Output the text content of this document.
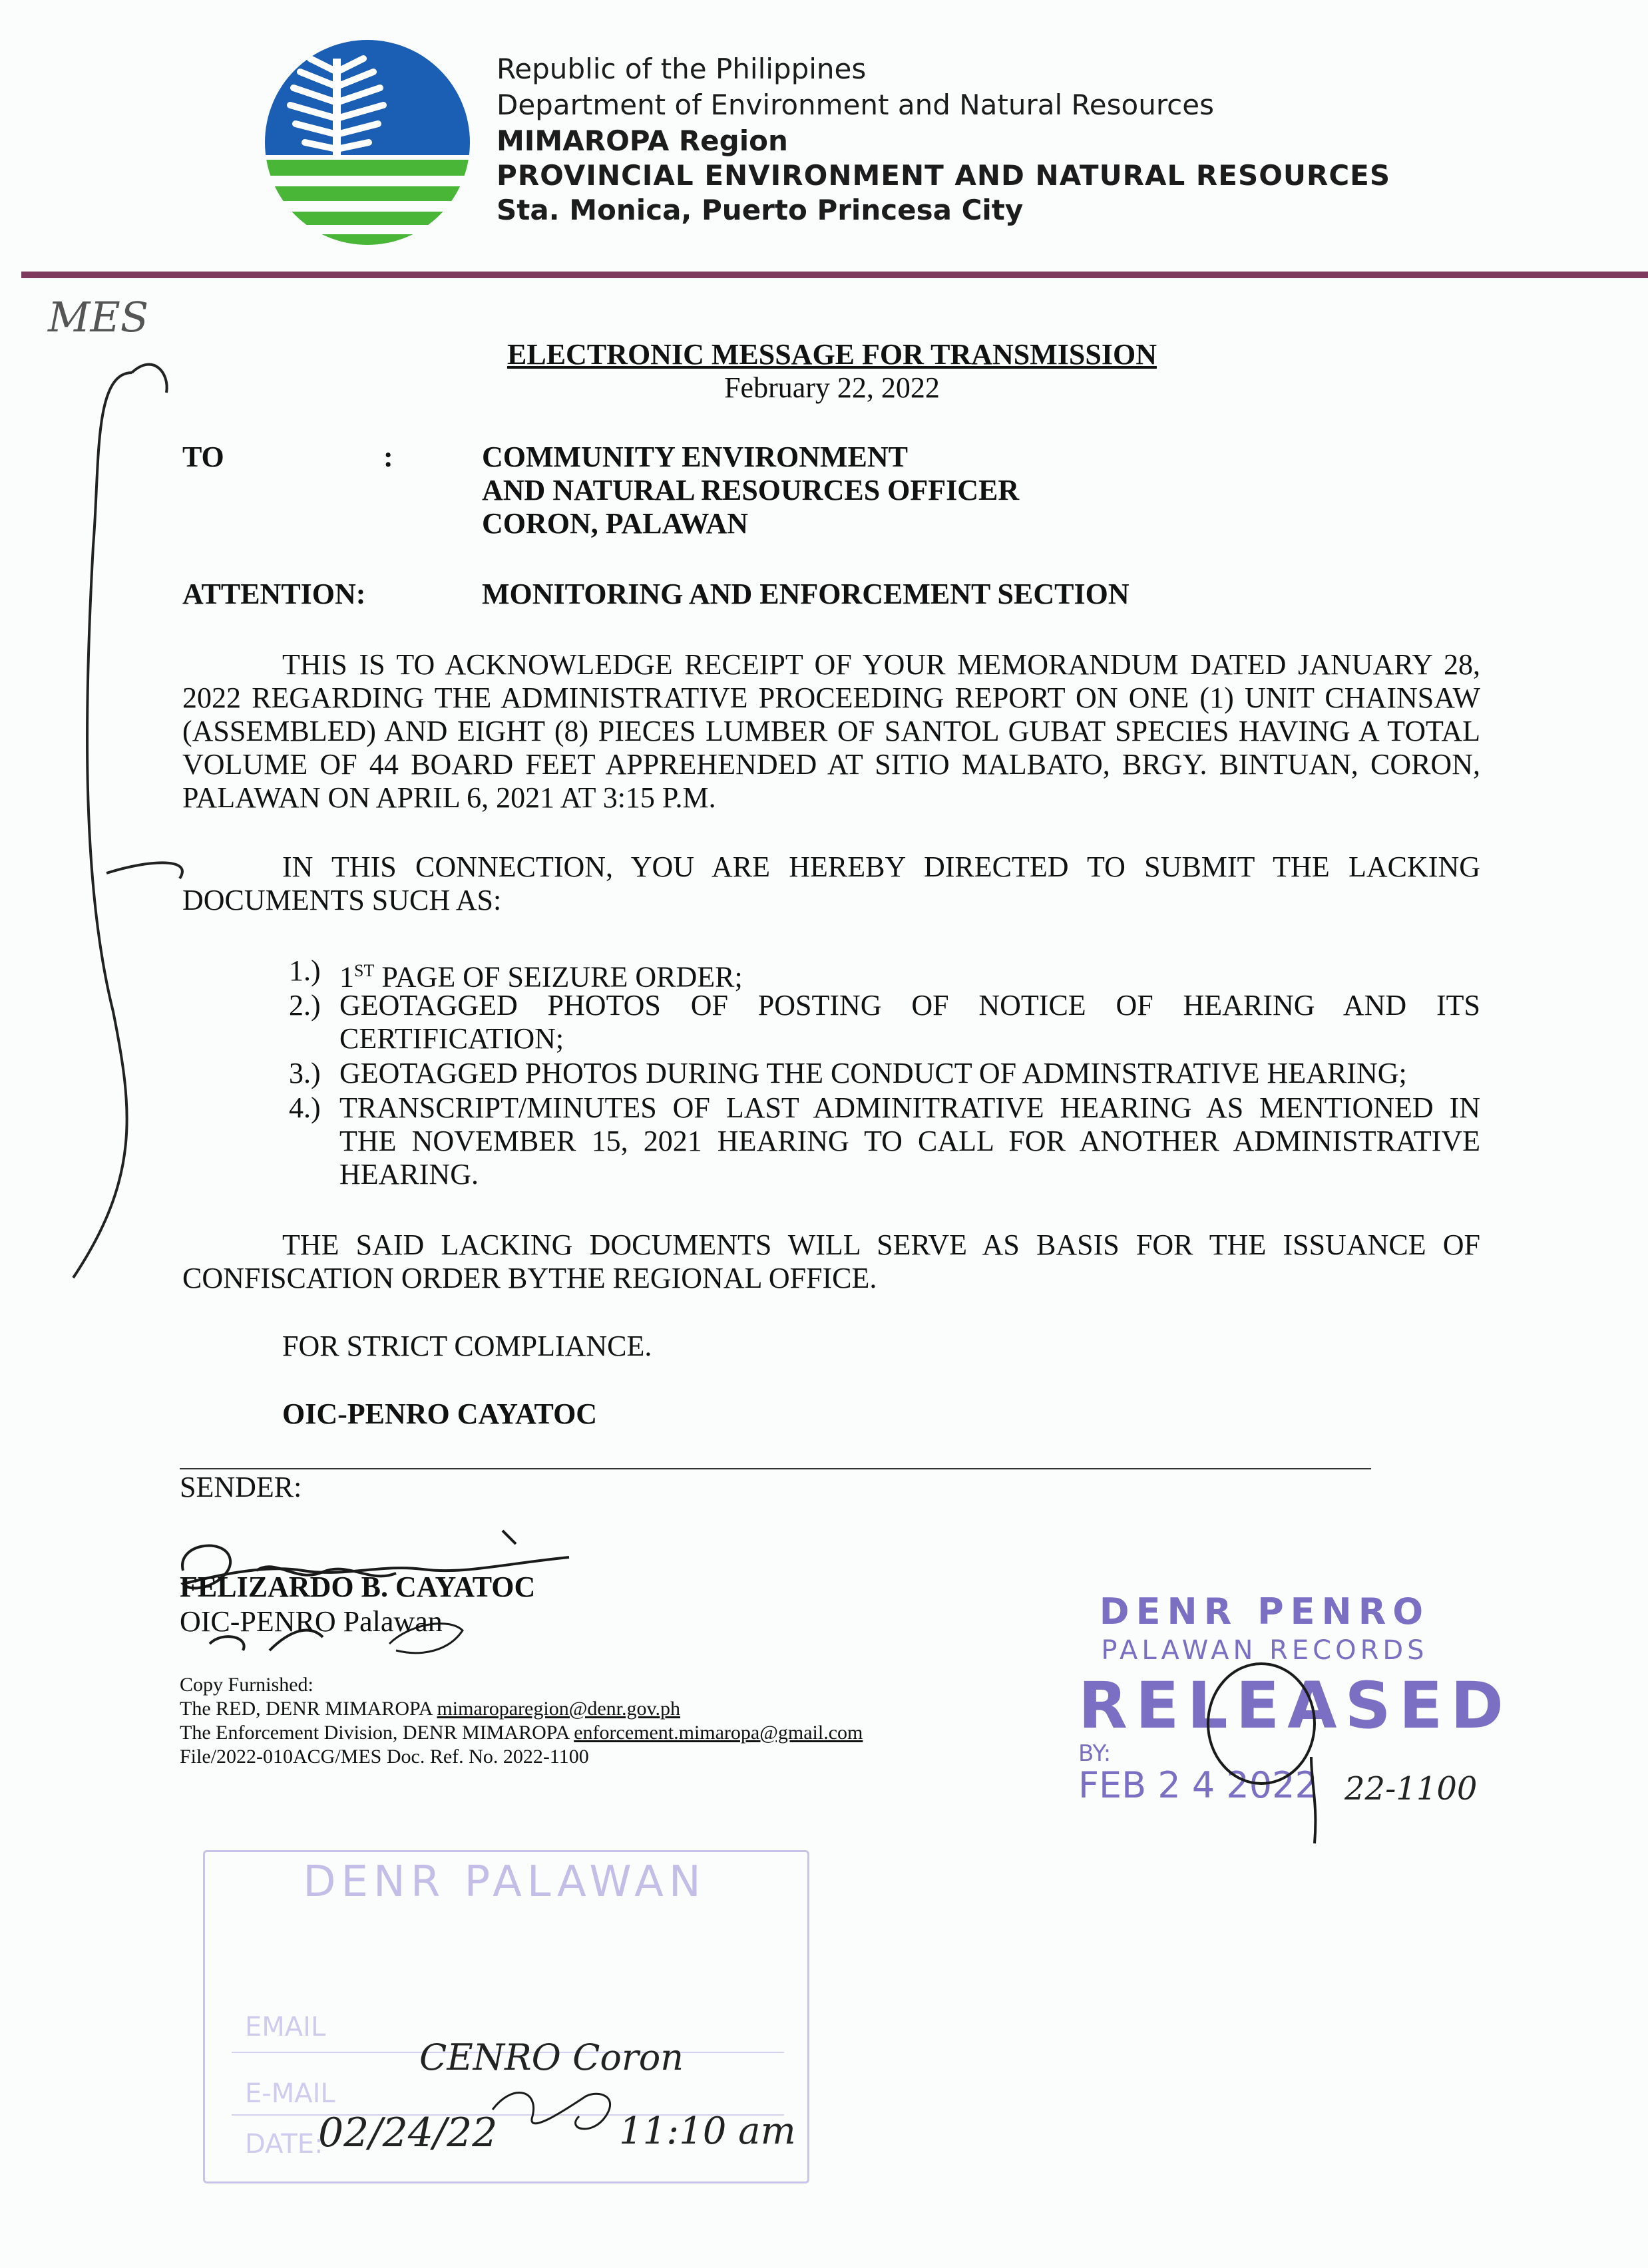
Republic of the Philippines
Department of Environment and Natural Resources
MIMAROPA Region
PROVINCIAL ENVIRONMENT AND NATURAL RESOURCES
Sta. Monica, Puerto Princesa City
MES
ELECTRONIC MESSAGE FOR TRANSMISSION
February 22, 2022
TO	:	COMMUNITY ENVIRONMENT
AND NATURAL RESOURCES OFFICER
CORON, PALAWAN
ATTENTION:	MONITORING AND ENFORCEMENT SECTION
THIS IS TO ACKNOWLEDGE RECEIPT OF YOUR MEMORANDUM DATED JANUARY 28, 2022 REGARDING THE ADMINISTRATIVE PROCEEDING REPORT ON ONE (1) UNIT CHAINSAW (ASSEMBLED) AND EIGHT (8) PIECES LUMBER OF SANTOL GUBAT SPECIES HAVING A TOTAL VOLUME OF 44 BOARD FEET APPREHENDED AT SITIO MALBATO, BRGY. BINTUAN, CORON, PALAWAN ON APRIL 6, 2021 AT 3:15 P.M.
IN THIS CONNECTION, YOU ARE HEREBY DIRECTED TO SUBMIT THE LACKING DOCUMENTS SUCH AS:
1.) 1ST PAGE OF SEIZURE ORDER;
2.) GEOTAGGED PHOTOS OF POSTING OF NOTICE OF HEARING AND ITS CERTIFICATION;
3.) GEOTAGGED PHOTOS DURING THE CONDUCT OF ADMINSTRATIVE HEARING;
4.) TRANSCRIPT/MINUTES OF LAST ADMINITRATIVE HEARING AS MENTIONED IN THE NOVEMBER 15, 2021 HEARING TO CALL FOR ANOTHER ADMINISTRATIVE HEARING.
THE SAID LACKING DOCUMENTS WILL SERVE AS BASIS FOR THE ISSUANCE OF CONFISCATION ORDER BYTHE REGIONAL OFFICE.
FOR STRICT COMPLIANCE.
OIC-PENRO CAYATOC
SENDER:
FELIZARDO B. CAYATOC
OIC-PENRO Palawan
Copy Furnished:
The RED, DENR MIMAROPA mimaroparegion@denr.gov.ph
The Enforcement Division, DENR MIMAROPA enforcement.mimaropa@gmail.com
File/2022-010ACG/MES Doc. Ref. No. 2022-1100
DENR PENRO
PALAWAN RECORDS
RELEASED
BY:
FEB 2 4 2022 22-1100
DENR PALAWAN
EMAIL
E-MAIL
DATE:
CENRO Coron
02/24/22	11:10 am
